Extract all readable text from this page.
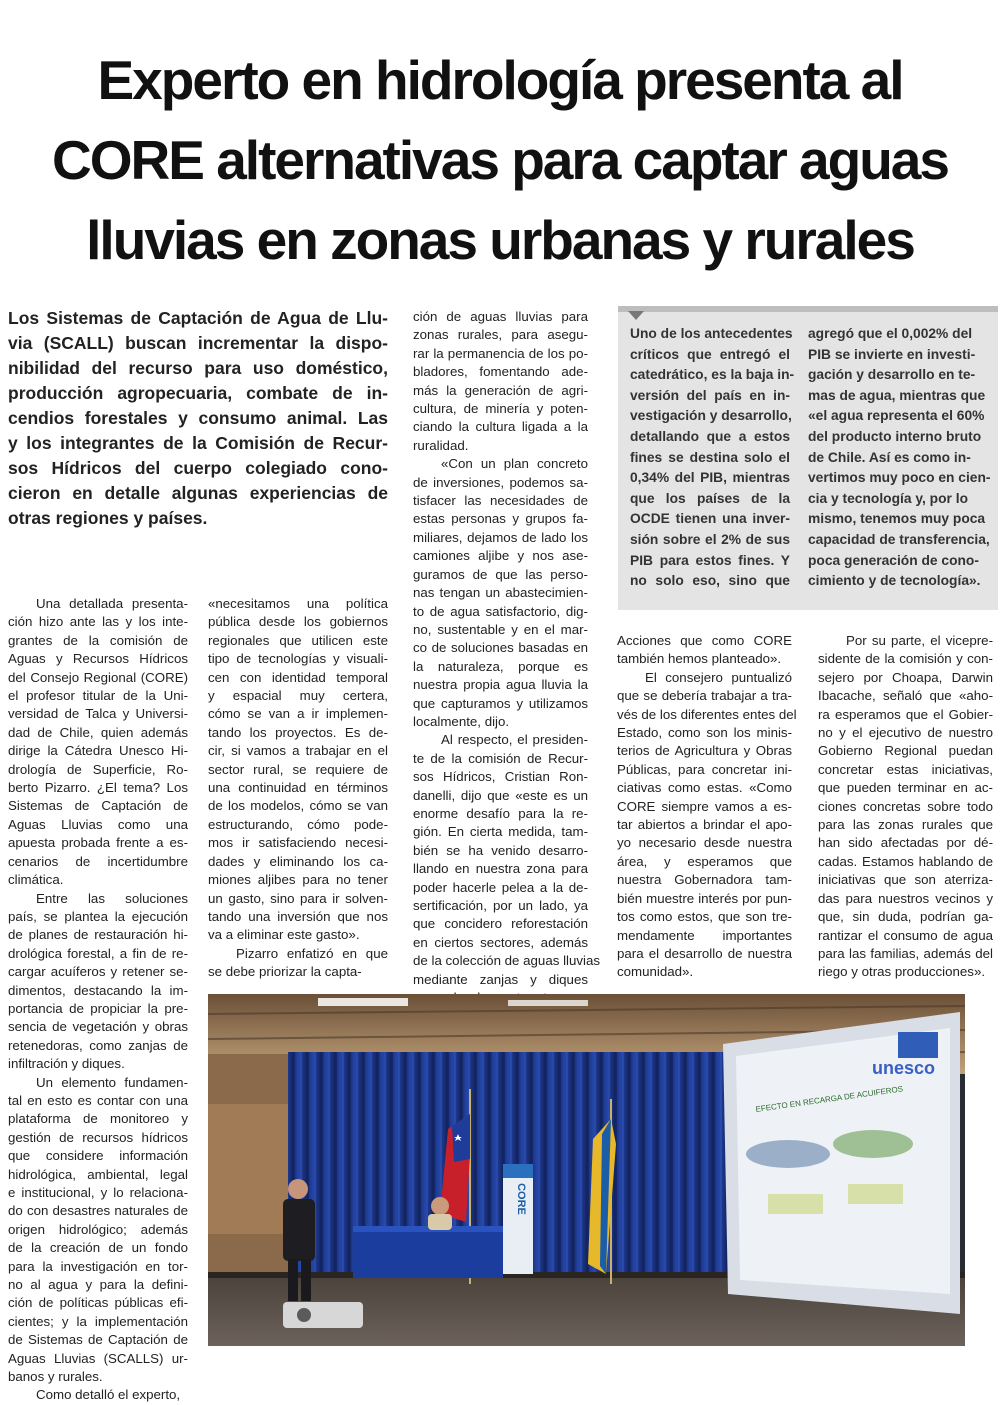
Experto en hidrología presenta al
CORE alternativas para captar aguas
lluvias en zonas urbanas y rurales
Los Sistemas de Captación de Agua de Llu-
via (SCALL) buscan incrementar la dispo-
nibilidad del recurso para uso doméstico,
producción agropecuaria, combate de in-
cendios forestales y consumo animal. Las
y los integrantes de la Comisión de Recur-
sos Hídricos del cuerpo colegiado cono-
cieron en detalle algunas experiencias de
otras regiones y países.
Una detallada presenta-
ción hizo ante las y los inte-
grantes de la comisión de
Aguas y Recursos Hídricos
del Consejo Regional (CORE)
el profesor titular de la Uni-
versidad de Talca y Universi-
dad de Chile, quien además
dirige la Cátedra Unesco Hi-
drología de Superficie, Ro-
berto Pizarro. ¿El tema? Los
Sistemas de Captación de
Aguas Lluvias como una
apuesta probada frente a es-
cenarios de incertidumbre
climática.
Entre las soluciones
país, se plantea la ejecución
de planes de restauración hi-
drológica forestal, a fin de re-
cargar acuíferos y retener se-
dimentos, destacando la im-
portancia de propiciar la pre-
sencia de vegetación y obras
retenedoras, como zanjas de
infiltración y diques.
Un elemento fundamen-
tal en esto es contar con una
plataforma de monitoreo y
gestión de recursos hídricos
que considere información
hidrológica, ambiental, legal
e institucional, y lo relaciona-
do con desastres naturales de
origen hidrológico; además
de la creación de un fondo
para la investigación en tor-
no al agua y para la defini-
ción de políticas públicas efi-
cientes; y la implementación
de Sistemas de Captación de
Aguas Lluvias (SCALLS) ur-
banos y rurales.
Como detalló el experto,
«necesitamos una política
pública desde los gobiernos
regionales que utilicen este
tipo de tecnologías y visuali-
cen con identidad temporal
y espacial muy certera,
cómo se van a ir implemen-
tando los proyectos. Es de-
cir, si vamos a trabajar en el
sector rural, se requiere de
una continuidad en términos
de los modelos, cómo se van
estructurando, cómo pode-
mos ir satisfaciendo necesi-
dades y eliminando los ca-
miones aljibes para no tener
un gasto, sino para ir solven-
tando una inversión que nos
va a eliminar este gasto».
Pizarro enfatizó en que
se debe priorizar la capta-
ción de aguas lluvias para
zonas rurales, para asegu-
rar la permanencia de los po-
bladores, fomentando ade-
más la generación de agri-
cultura, de minería y poten-
ciando la cultura ligada a la
ruralidad.
«Con un plan concreto
de inversiones, podemos sa-
tisfacer las necesidades de
estas personas y grupos fa-
miliares, dejamos de lado los
camiones aljibe y nos ase-
guramos de que las perso-
nas tengan un abastecimien-
to de agua satisfactorio, dig-
no, sustentable y en el mar-
co de soluciones basadas en
la naturaleza, porque es
nuestra propia agua lluvia la
que capturamos y utilizamos
localmente, dijo.
Al respecto, el presiden-
te de la comisión de Recur-
sos Hídricos, Cristian Ron-
danelli, dijo que «este es un
enorme desafío para la re-
gión. En cierta medida, tam-
bién se ha venido desarro-
llando en nuestra zona para
poder hacerle pelea a la de-
sertificación, por un lado, ya
que concidero reforestación
en ciertos sectores, además
de la colección de aguas lluvias
mediante zanjas y diques
Uno de los antecedentes
críticos que entregó el
catedrático, es la baja in-
versión del país en in-
vestigación y desarrollo,
detallando que a estos
fines se destina solo el
0,34% del PIB, mientras
que los países de la
OCDE tienen una inver-
sión sobre el 2% de sus
PIB para estos fines. Y
no solo eso, sino que
agregó que el 0,002% del
PIB se invierte en investi-
gación y desarrollo en te-
mas de agua, mientras que
«el agua representa el 60%
del producto interno bruto
de Chile. Así es como in-
vertimos muy poco en cien-
cia y tecnología y, por lo
mismo, tenemos muy poca
capacidad de transferencia,
poca generación de cono-
cimiento y de tecnología».
Acciones que como CORE
también hemos planteado».
El consejero puntualizó
que se debería trabajar a tra-
vés de los diferentes entes del
Estado, como son los minis-
terios de Agricultura y Obras
Públicas, para concretar ini-
ciativas como estas. «Como
CORE siempre vamos a es-
tar abiertos a brindar el apo-
yo necesario desde nuestra
área, y esperamos que
nuestra Gobernadora tam-
bién muestre interés por pun-
tos como estos, que son tre-
mendamente importantes
para el desarrollo de nuestra
comunidad».
Por su parte, el vicepre-
sidente de la comisión y con-
sejero por Choapa, Darwin
Ibacache, señaló que «aho-
ra esperamos que el Gobier-
no y el ejecutivo de nuestro
Gobierno Regional puedan
concretar estas iniciativas,
que pueden terminar en ac-
ciones concretas sobre todo
para las zonas rurales que
han sido afectadas por dé-
cadas. Estamos hablando de
iniciativas que son aterriza-
das para nuestros vecinos y
que, sin duda, podrían ga-
rantizar el consumo de agua
para las familias, además del
riego y otras producciones».
unesco
EFECTO EN RECARGA DE ACUIFEROS
CORE
